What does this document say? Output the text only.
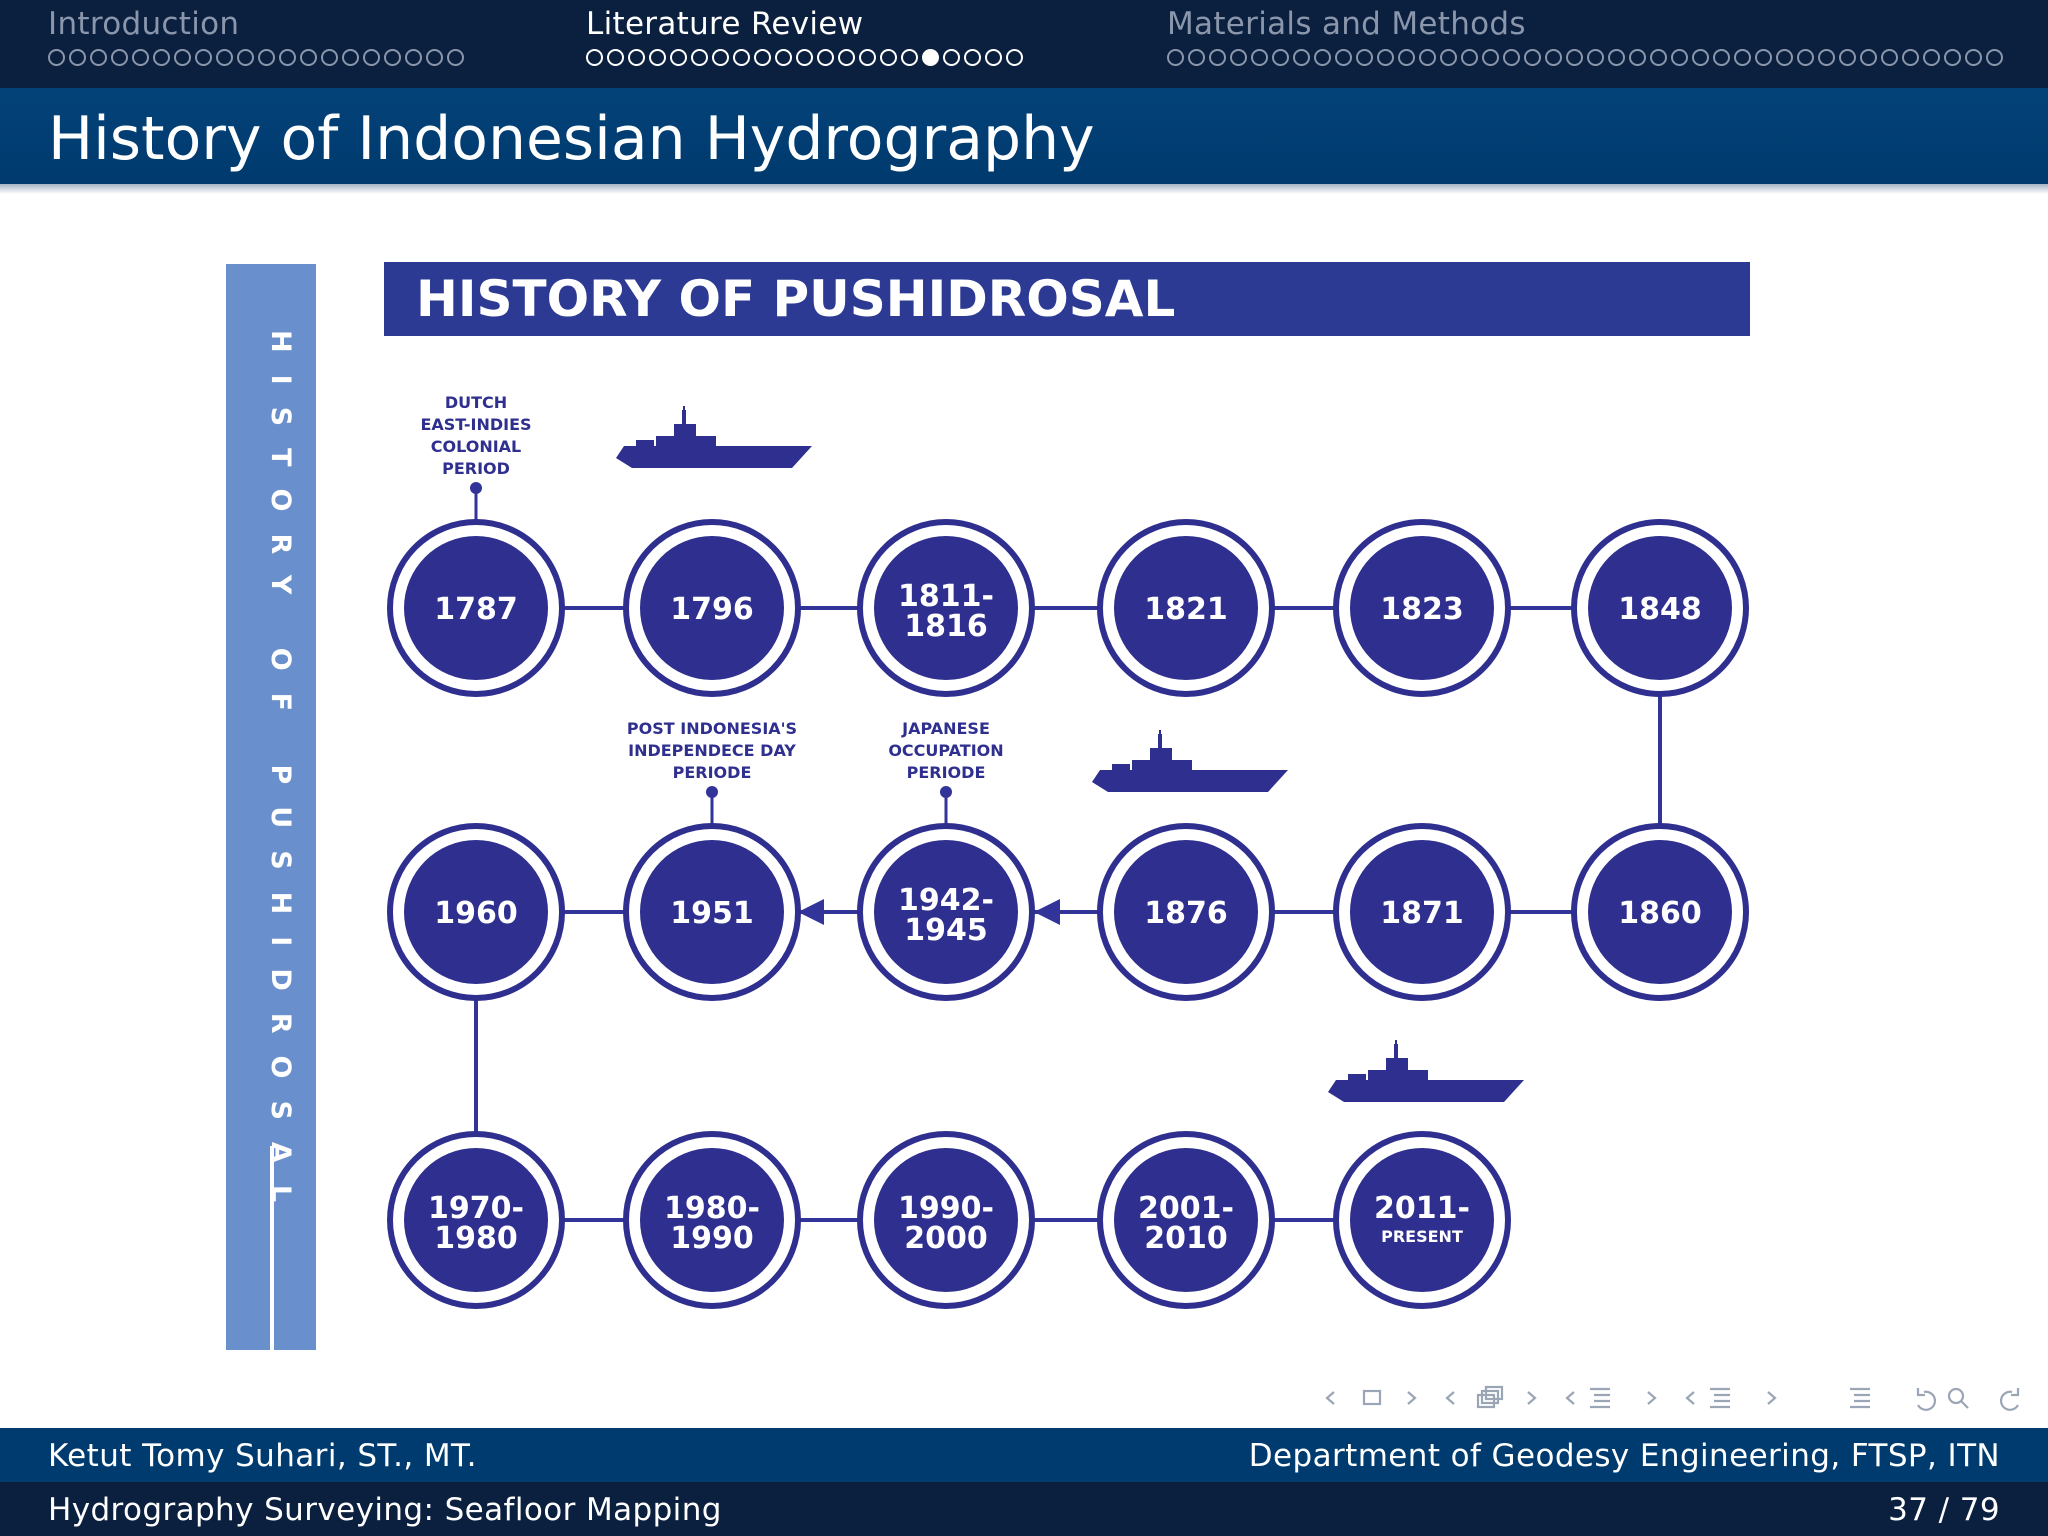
Introduction	Literature Review	Materials and Methods
History of Indonesian Hydrography
HISTORY OF PUSHIDROSAL
HISTORY OF PUSHIDROSAL
DUTCH
EAST-INDIES
COLONIAL
PERIOD
POST INDONESIA'S
INDEPENDECE DAY
PERIODE
JAPANESE
OCCUPATION
PERIODE
1787	1796	1811-
1816	1821	1823	1848
1960	1951	1942-
1945	1876	1871	1860
1970-
1980
1980-
1990
1990-
2000
2001-
2010
2011-
PRESENT
Ketut Tomy Suhari, ST., MT.	Department of Geodesy Engineering, FTSP, ITN
Hydrography Surveying: Seafloor Mapping	37 / 79
